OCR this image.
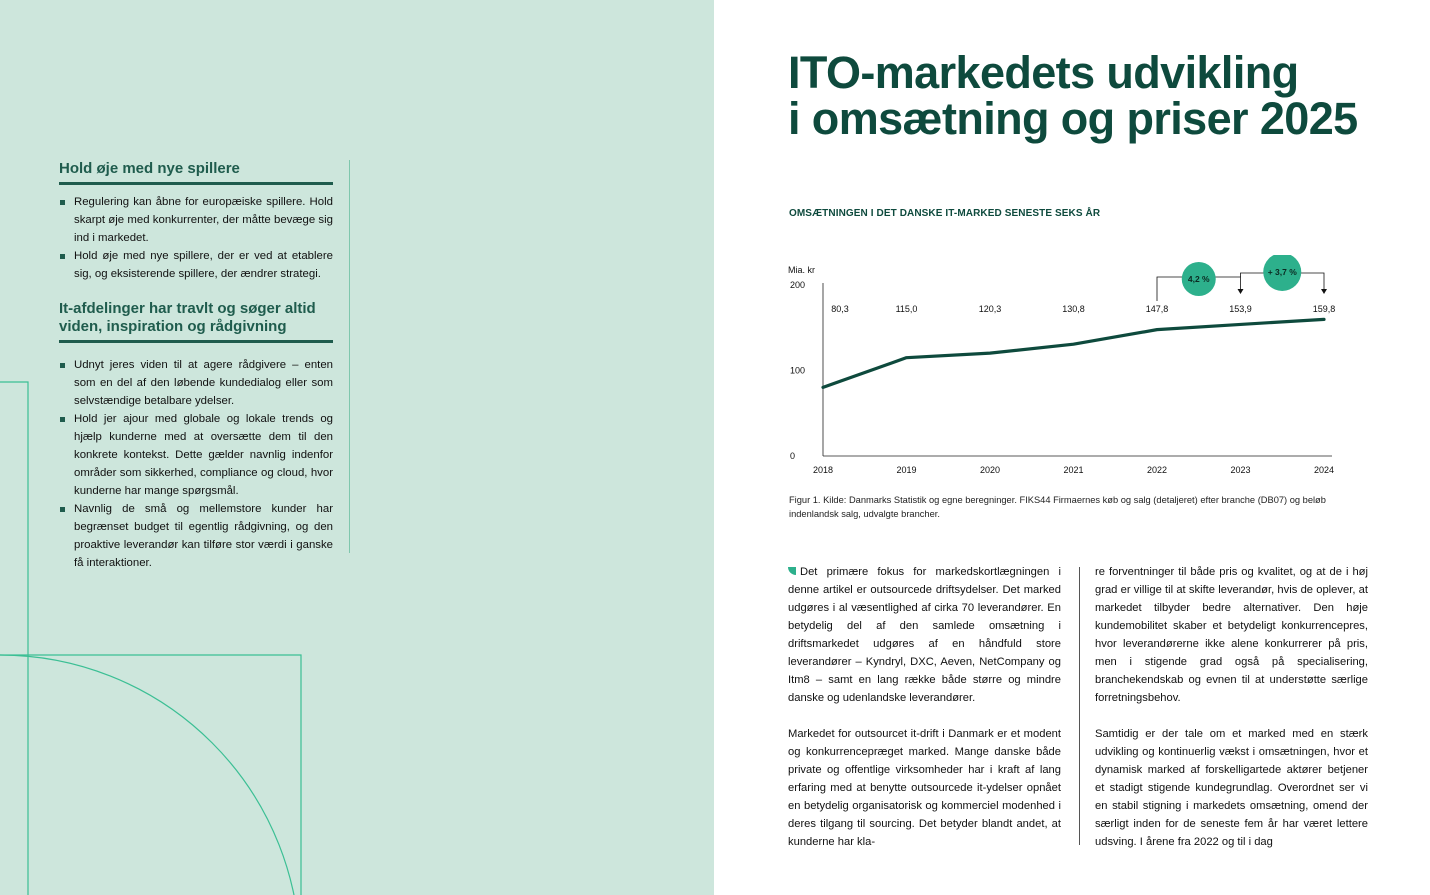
Hold øje med nye spillere
Regulering kan åbne for europæiske spillere. Hold skarpt øje med konkurrenter, der måtte bevæge sig ind i markedet.
Hold øje med nye spillere, der er ved at etablere sig, og eksisterende spillere, der ændrer strategi.
It-afdelinger har travlt og søger altid viden, inspiration og rådgivning
Udnyt jeres viden til at agere rådgivere – enten som en del af den løbende kundedialog eller som selvstændige betalbare ydelser.
Hold jer ajour med globale og lokale trends og hjælp kunderne med at oversætte dem til den konkrete kontekst. Dette gælder navnlig indenfor områder som sikkerhed, compliance og cloud, hvor kunderne har mange spørgsmål.
Navnlig de små og mellemstore kunder har begrænset budget til egentlig rådgivning, og den proaktive leverandør kan tilføre stor værdi i ganske få interaktioner.
ITO-markedets udvikling
i omsætning og priser 2025
OMSÆTNINGEN I DET DANSKE IT-MARKED SENESTE SEKS ÅR
Mia. kr
0
100
200
2018	2019	2020	2021	2022	2023	2024
80,3	115,0	120,3	130,8	147,8	153,9	159,8
4,2 %
+ 3,7 %
Figur 1. Kilde: Danmarks Statistik og egne beregninger. FIKS44 Firmaernes køb og salg (detaljeret) efter branche (DB07) og beløb indenlandsk salg, udvalgte brancher.

Det primære fokus for markedskortlægningen i denne artikel er outsourcede driftsydelser. Det marked udgøres i al væsentlighed af cirka 70 leverandører. En betydelig del af den samlede omsætning i driftsmarkedet udgøres af en håndfuld store leverandører – Kyndryl, DXC, Aeven, NetCompany og Itm8 – samt en lang række både større og mindre danske og udenlandske leverandører.

Markedet for outsourcet it-drift i Danmark er et modent og konkurrencepræget marked. Mange danske både private og offentlige virksomheder har i kraft af lang erfaring med at benytte outsourcede it-ydelser opnået en betydelig organisatorisk og kommerciel modenhed i deres tilgang til sourcing. Det betyder blandt andet, at kunderne har kla-

re forventninger til både pris og kvalitet, og at de i høj grad er villige til at skifte leverandør, hvis de oplever, at markedet tilbyder bedre alternativer. Den høje kundemobilitet skaber et betydeligt konkurrencepres, hvor leverandørerne ikke alene konkurrerer på pris, men i stigende grad også på specialisering, branchekendskab og evnen til at understøtte særlige forretningsbehov.

Samtidig er der tale om et marked med en stærk udvikling og kontinuerlig vækst i omsætningen, hvor et dynamisk marked af forskelligartede aktører betjener et stadigt stigende kundegrundlag. Overordnet ser vi en stabil stigning i markedets omsætning, omend der særligt inden for de seneste fem år har været lettere udsving. I årene fra 2022 og til i dag
